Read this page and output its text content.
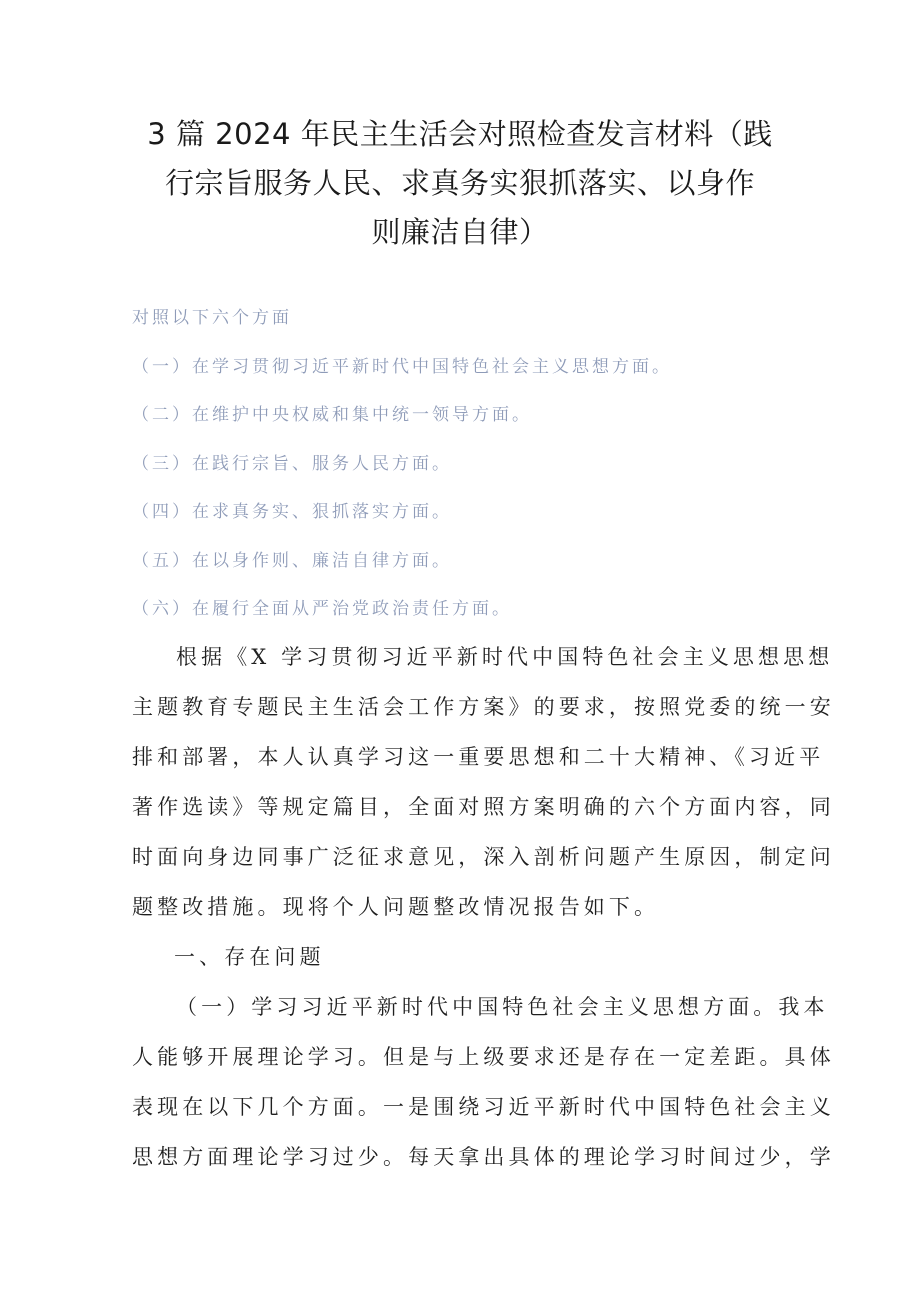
3 篇 2024 年民主生活会对照检查发言材料（践
行宗旨服务人民、求真务实狠抓落实、以身作
则廉洁自律）
对照以下六个方面
（一）在学习贯彻习近平新时代中国特色社会主义思想方面。
（二）在维护中央权威和集中统一领导方面。
（三）在践行宗旨、服务人民方面。
（四）在求真务实、狠抓落实方面。
（五）在以身作则、廉洁自律方面。
（六）在履行全面从严治党政治责任方面。
根据《X 学习贯彻习近平新时代中国特色社会主义思想思想
主题教育专题民主生活会工作方案》的要求，按照党委的统一安
排和部署，本人认真学习这一重要思想和二十大精神、《习近平
著作选读》等规定篇目，全面对照方案明确的六个方面内容，同
时面向身边同事广泛征求意见，深入剖析问题产生原因，制定问
题整改措施。现将个人问题整改情况报告如下。
一、存在问题
（一）学习习近平新时代中国特色社会主义思想方面。我本
人能够开展理论学习。但是与上级要求还是存在一定差距。具体
表现在以下几个方面。一是围绕习近平新时代中国特色社会主义
思想方面理论学习过少。每天拿出具体的理论学习时间过少，学
